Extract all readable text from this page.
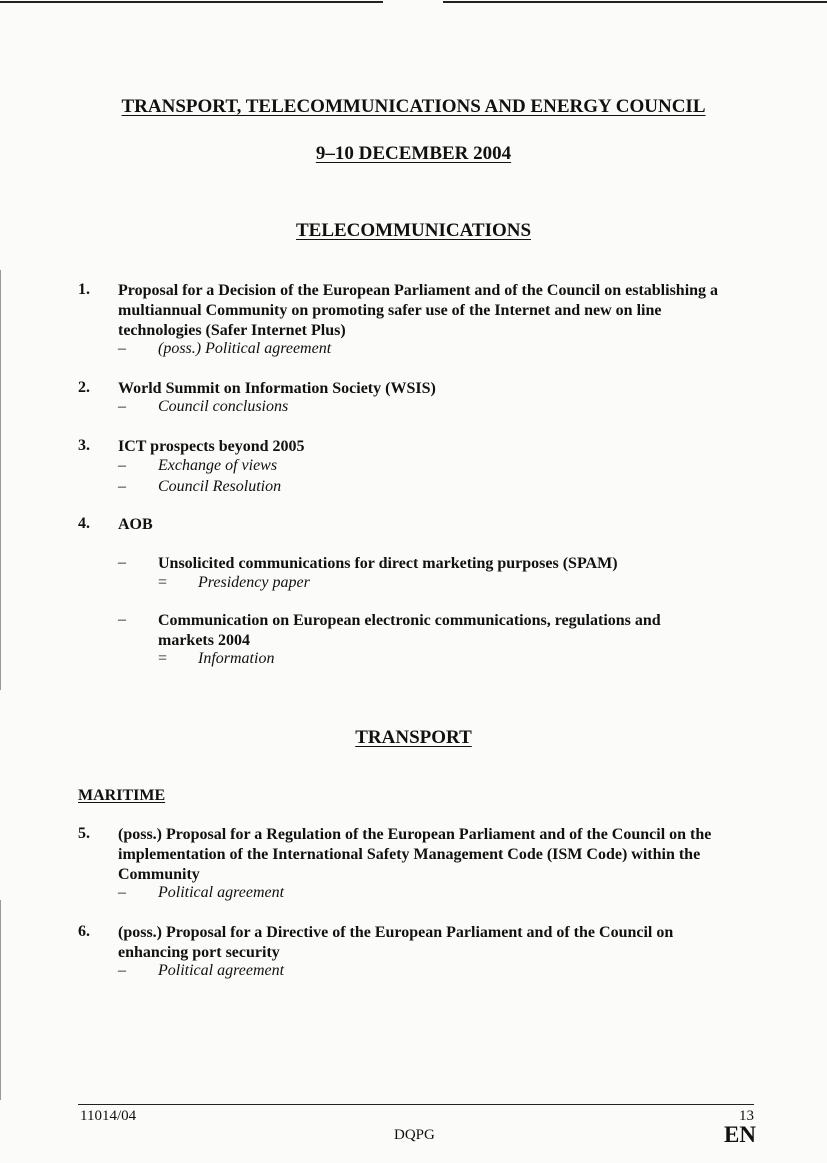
TRANSPORT, TELECOMMUNICATIONS AND ENERGY COUNCIL
9–10 DECEMBER 2004
TELECOMMUNICATIONS
1. Proposal for a Decision of the European Parliament and of the Council on establishing a
multiannual Community on promoting safer use of the Internet and new on line
technologies (Safer Internet Plus)
– (poss.) Political agreement
2. World Summit on Information Society (WSIS)
– Council conclusions
3. ICT prospects beyond 2005
– Exchange of views
– Council Resolution
4. AOB
– Unsolicited communications for direct marketing purposes (SPAM)
= Presidency paper
– Communication on European electronic communications, regulations and
markets 2004
= Information
TRANSPORT
MARITIME
5. (poss.) Proposal for a Regulation of the European Parliament and of the Council on the
implementation of the International Safety Management Code (ISM Code) within the
Community
– Political agreement
6. (poss.) Proposal for a Directive of the European Parliament and of the Council on
enhancing port security
– Political agreement
11014/04
DQPG
13
EN
